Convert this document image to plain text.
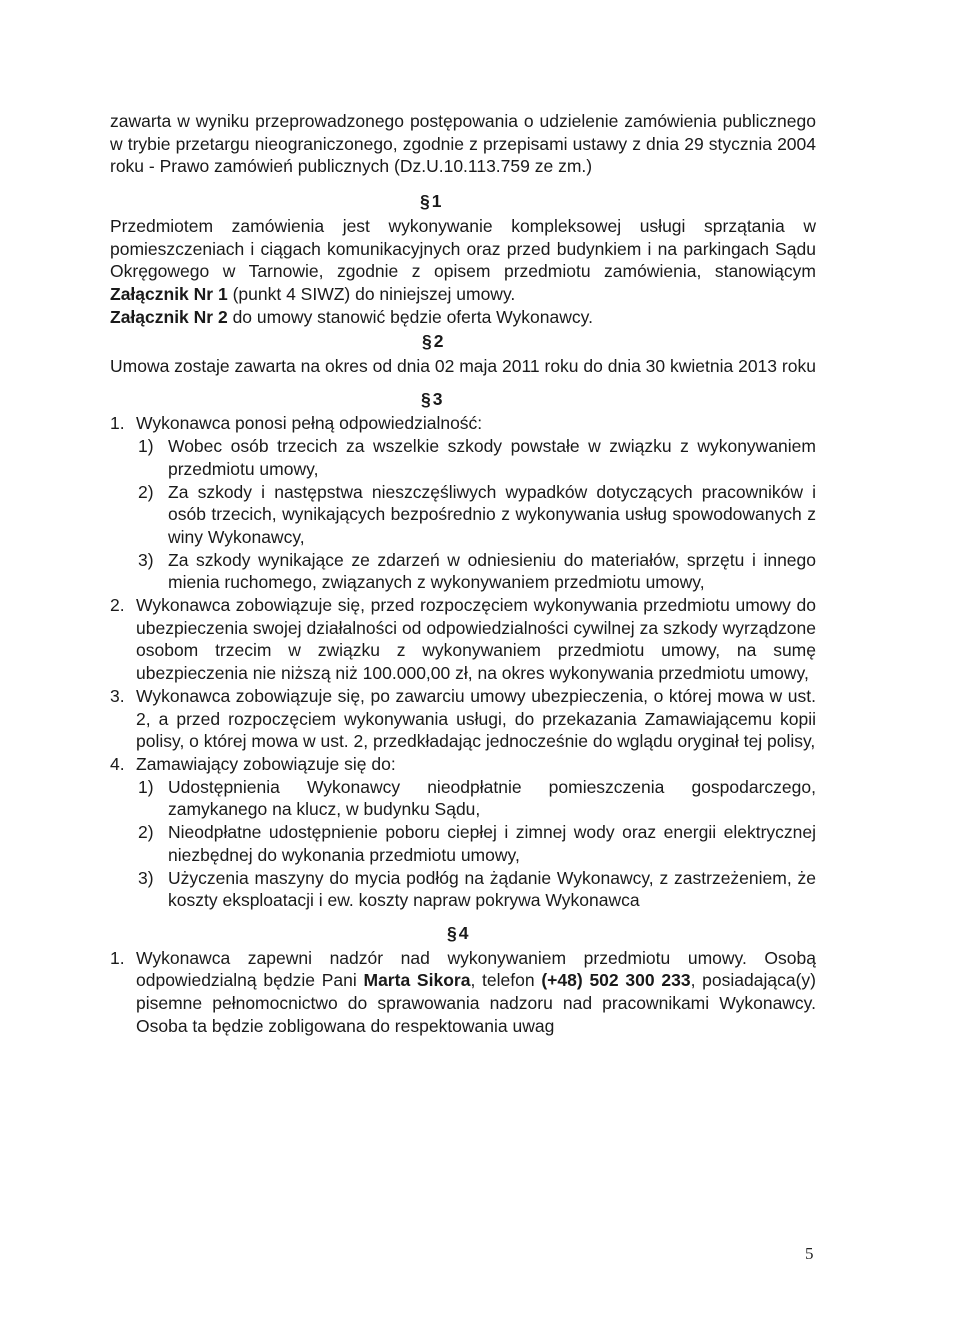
zawarta w wyniku przeprowadzonego postępowania o udzielenie zamówienia publicznego w trybie przetargu nieograniczonego, zgodnie z przepisami ustawy z dnia 29 stycznia 2004 roku - Prawo zamówień publicznych (Dz.U.10.113.759 ze zm.)

§ 1

Przedmiotem zamówienia jest wykonywanie kompleksowej usługi sprzątania w pomieszczeniach i ciągach komunikacyjnych oraz przed budynkiem i na parkingach Sądu Okręgowego w Tarnowie, zgodnie z opisem przedmiotu zamówienia, stanowiącym Załącznik Nr 1 (punkt 4 SIWZ) do niniejszej umowy.

Załącznik Nr 2 do umowy stanowić będzie oferta Wykonawcy.

§ 2

Umowa zostaje zawarta na okres od dnia 02 maja 2011 roku do dnia 30 kwietnia 2013 roku

§ 3
1. Wykonawca ponosi pełną odpowiedzialność:
1) Wobec osób trzecich za wszelkie szkody powstałe w związku z wykonywaniem przedmiotu umowy,
2) Za szkody i następstwa nieszczęśliwych wypadków dotyczących pracowników i osób trzecich, wynikających bezpośrednio z wykonywania usług spowodowanych z winy Wykonawcy,
3) Za szkody wynikające ze zdarzeń w odniesieniu do materiałów, sprzętu i innego mienia ruchomego, związanych z wykonywaniem przedmiotu umowy,
2. Wykonawca zobowiązuje się, przed rozpoczęciem wykonywania przedmiotu umowy do ubezpieczenia swojej działalności od odpowiedzialności cywilnej za szkody wyrządzone osobom trzecim w związku z wykonywaniem przedmiotu umowy, na sumę ubezpieczenia nie niższą niż 100.000,00 zł, na okres wykonywania przedmiotu umowy,
3. Wykonawca zobowiązuje się, po zawarciu umowy ubezpieczenia, o której mowa w ust. 2, a przed rozpoczęciem wykonywania usługi, do przekazania Zamawiającemu kopii polisy, o której mowa w ust. 2, przedkładając jednocześnie do wglądu oryginał tej polisy,
4. Zamawiający zobowiązuje się do:
1) Udostępnienia Wykonawcy nieodpłatnie pomieszczenia gospodarczego, zamykanego na klucz, w budynku Sądu,
2) Nieodpłatne udostępnienie poboru ciepłej i zimnej wody oraz energii elektrycznej niezbędnej do wykonania przedmiotu umowy,
3) Użyczenia maszyny do mycia podłóg na żądanie Wykonawcy, z zastrzeżeniem, że koszty eksploatacji i ew. koszty napraw pokrywa Wykonawca
§ 4
1. Wykonawca zapewni nadzór nad wykonywaniem przedmiotu umowy. Osobą odpowiedzialną będzie Pani Marta Sikora, telefon (+48) 502 300 233, posiadająca(y) pisemne pełnomocnictwo do sprawowania nadzoru nad pracownikami Wykonawcy. Osoba ta będzie zobligowana do respektowania uwag
5
